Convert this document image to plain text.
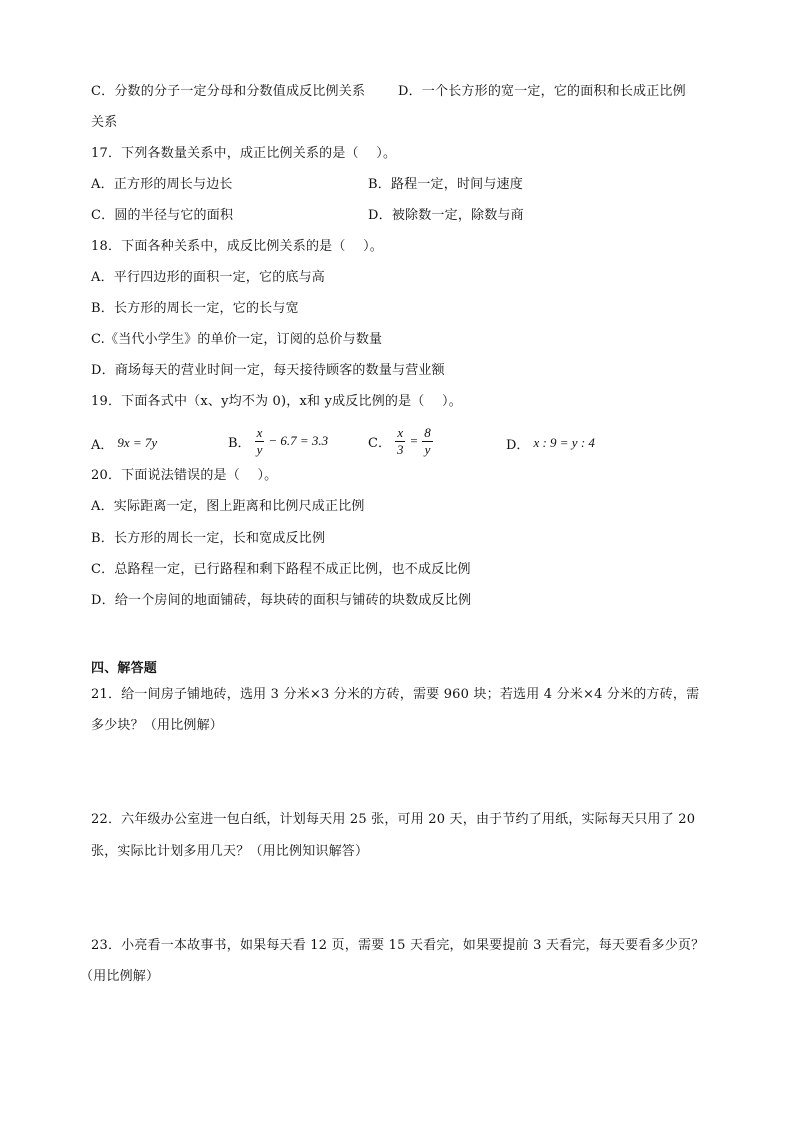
C．分数的分子一定分母和分数值成反比例关系	D．一个长方形的宽一定，它的面积和长成正比例
关系
17．下列各数量关系中，成正比例关系的是（　 ）。
A．正方形的周长与边长	B．路程一定，时间与速度
C．圆的半径与它的面积	D．被除数一定，除数与商
18．下面各种关系中，成反比例关系的是（　 ）。
A．平行四边形的面积一定，它的底与高
B．长方形的周长一定，它的长与宽
C.《当代小学生》的单价一定，订阅的总价与数量
D．商场每天的营业时间一定，每天接待顾客的数量与营业额
19．下面各式中（x、y均不为 0)，x和 y成反比例的是（　 ）。
A． 9x = 7y	B． $\frac{x}{y} - 6.7 = 3.3$	C． $\frac{x}{3} = \frac{8}{y}$	D． x : 9 = y : 4
20．下面说法错误的是（　 ）。
A．实际距离一定，图上距离和比例尺成正比例
B．长方形的周长一定，长和宽成反比例
C．总路程一定，已行路程和剩下路程不成正比例，也不成反比例
D．给一个房间的地面铺砖，每块砖的面积与铺砖的块数成反比例
四、解答题
21．给一间房子铺地砖，选用 3 分米×3 分米的方砖，需要 960 块；若选用 4 分米×4 分米的方砖，需
多少块？（用比例解）
22．六年级办公室进一包白纸，计划每天用 25 张，可用 20 天，由于节约了用纸，实际每天只用了 20
张，实际比计划多用几天？（用比例知识解答）
23．小亮看一本故事书，如果每天看 12 页，需要 15 天看完，如果要提前 3 天看完，每天要看多少页？
（用比例解）
